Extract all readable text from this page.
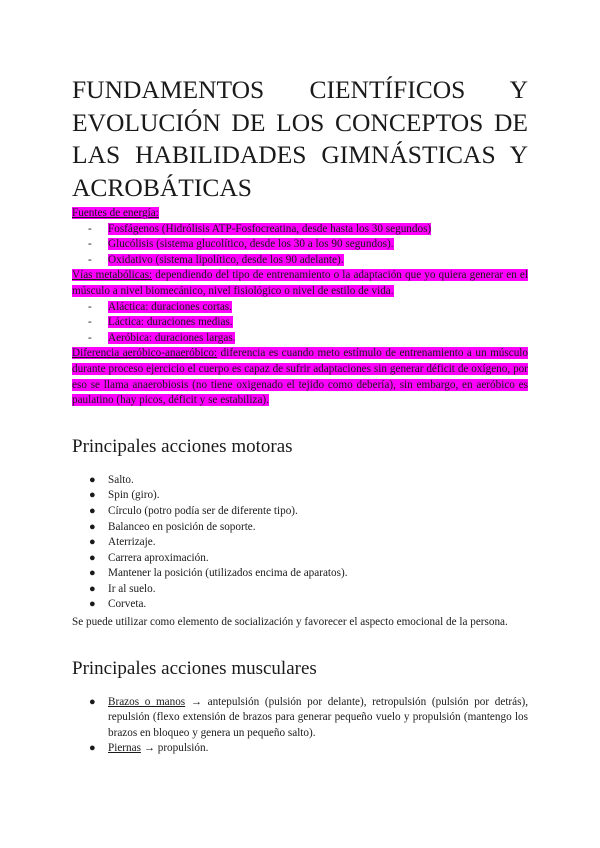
FUNDAMENTOS CIENTÍFICOS Y EVOLUCIÓN DE LOS CONCEPTOS DE LAS HABILIDADES GIMNÁSTICAS Y ACROBÁTICAS

Fuentes de energía:

- Fosfágenos (Hidrólisis ATP-Fosfocreatina, desde hasta los 30 segundos)
- Glucólisis (sistema glucolítico, desde los 30 a los 90 segundos).
- Oxidativo (sistema lipolítico, desde los 90 adelante).

Vías metabólicas: dependiendo del tipo de entrenamiento o la adaptación que yo quiera generar en el músculo a nivel biomecánico, nivel fisiológico o nivel de estilo de vida.

- Aláctica: duraciones cortas.
- Láctica: duraciones medias.
- Aeróbica: duraciones largas.

Diferencia aeróbico-anaeróbico: diferencia es cuando meto estímulo de entrenamiento a un músculo durante proceso ejercicio el cuerpo es capaz de sufrir adaptaciones sin generar déficit de oxígeno, por eso se llama anaerobiosis (no tiene oxigenado el tejido como debería), sin embargo, en aeróbico es paulatino (hay picos, déficit y se estabiliza).

Principales acciones motoras
● Salto.
● Spin (giro).
● Círculo (potro podía ser de diferente tipo).
● Balanceo en posición de soporte.
● Aterrizaje.
● Carrera aproximación.
● Mantener la posición (utilizados encima de aparatos).
● Ir al suelo.
● Corveta.

Se puede utilizar como elemento de socialización y favorecer el aspecto emocional de la persona.

Principales acciones musculares
● Brazos o manos → antepulsión (pulsión por delante), retropulsión (pulsión por detrás), repulsión (flexo extensión de brazos para generar pequeño vuelo y propulsión (mantengo los brazos en bloqueo y genera un pequeño salto).
● Piernas → propulsión.
